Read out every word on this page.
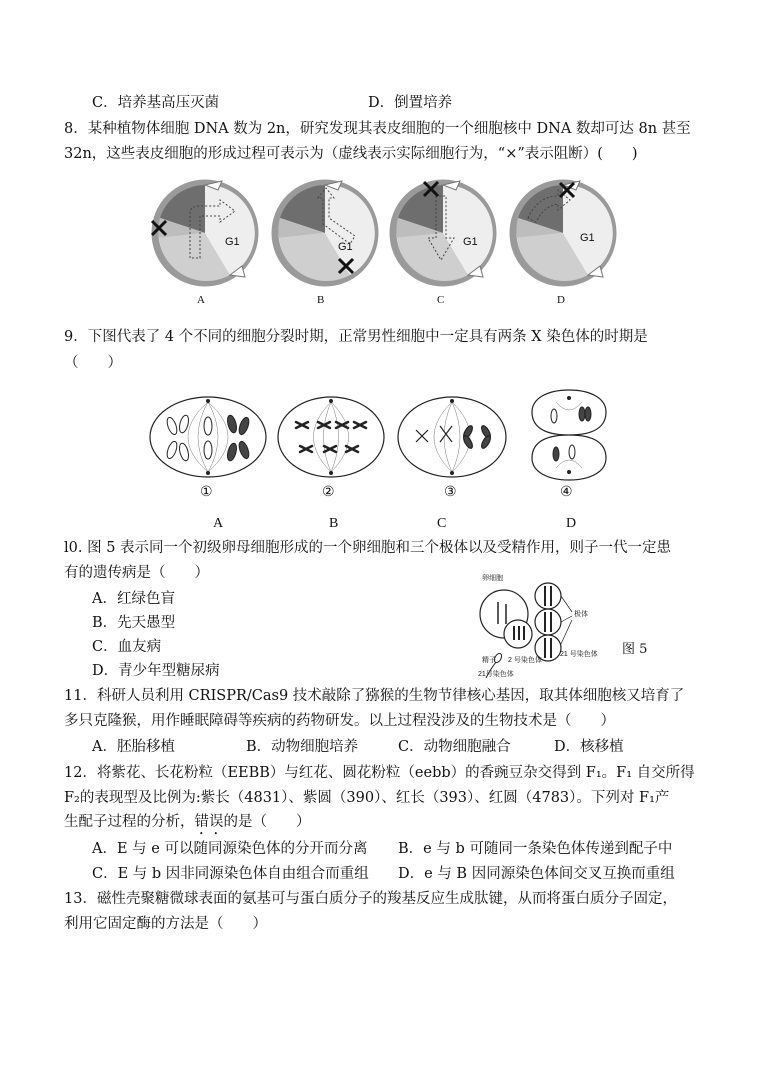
C．培养基高压灭菌	D．倒置培养
8．某种植物体细胞 DNA 数为 2n，研究发现其表皮细胞的一个细胞核中 DNA 数却可达 8n 甚至
32n，这些表皮细胞的形成过程可表示为（虚线表示实际细胞行为，“×”表示阻断）(　　)
G1
A
G1
B
G1
C
G1
D
9．下图代表了 4 个不同的细胞分裂时期，正常男性细胞中一定具有两条 X 染色体的时期是
（　　）
①
A
②
B
③
C
④
D
l0. 图 5 表示同一个初级卵母细胞形成的一个卵细胞和三个极体以及受精作用，则子一代一定患
有的遗传病是（　　）
A．红绿色盲
B．先天愚型
C．血友病
D．青少年型糖尿病
卵细胞
极体
精子 2 号染色体
21 号染色体
21号染色体
图 5
11．科研人员利用 CRISPR/Cas9 技术敲除了猕猴的生物节律核心基因，取其体细胞核又培育了
多只克隆猴，用作睡眠障碍等疾病的药物研发。以上过程没涉及的生物技术是（　　）
A．胚胎移植	B．动物细胞培养	C．动物细胞融合	D．核移植
12．将紫花、长花粉粒（EEBB）与红花、圆花粉粒（eebb）的香豌豆杂交得到 F₁。F₁ 自交所得
F₂的表现型及比例为:紫长（4831）、紫圆（390）、红长（393）、红圆（4783）。下列对 F₁产
生配子过程的分析，错误的是（　　）
A．E 与 e 可以随同源染色体的分开而分离 B．e 与 b 可随同一条染色体传递到配子中
C．E 与 b 因非同源染色体自由组合而重组 D．e 与 B 因同源染色体间交叉互换而重组
13．磁性壳聚糖微球表面的氨基可与蛋白质分子的羧基反应生成肽键，从而将蛋白质分子固定，
利用它固定酶的方法是（　　）
